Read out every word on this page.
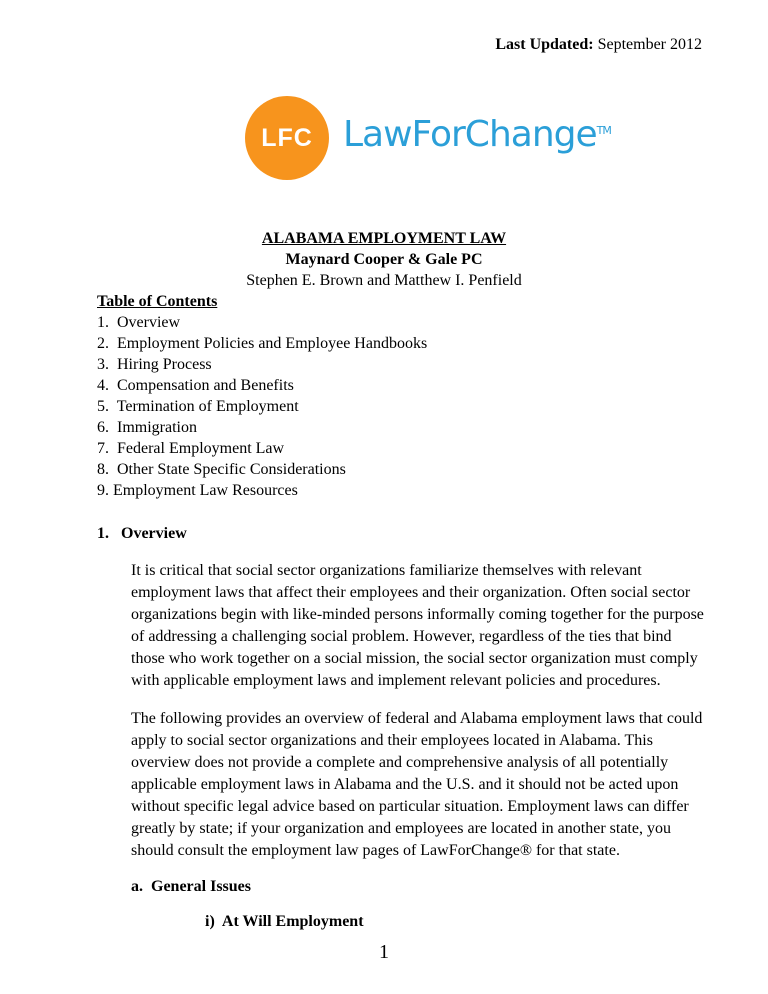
Last Updated: September 2012
LFC LawForChange™
ALABAMA EMPLOYMENT LAW
Maynard Cooper & Gale PC
Stephen E. Brown and Matthew I. Penfield
Table of Contents
1.  Overview
2.  Employment Policies and Employee Handbooks
3.  Hiring Process
4.  Compensation and Benefits
5.  Termination of Employment
6.  Immigration
7.  Federal Employment Law
8.  Other State Specific Considerations
9. Employment Law Resources
1.   Overview
It is critical that social sector organizations familiarize themselves with relevant employment laws that affect their employees and their organization. Often social sector organizations begin with like-minded persons informally coming together for the purpose of addressing a challenging social problem. However, regardless of the ties that bind those who work together on a social mission, the social sector organization must comply with applicable employment laws and implement relevant policies and procedures.
The following provides an overview of federal and Alabama employment laws that could apply to social sector organizations and their employees located in Alabama. This overview does not provide a complete and comprehensive analysis of all potentially applicable employment laws in Alabama and the U.S. and it should not be acted upon without specific legal advice based on particular situation. Employment laws can differ greatly by state; if your organization and employees are located in another state, you should consult the employment law pages of LawForChange® for that state.
a.  General Issues
i)  At Will Employment
1
